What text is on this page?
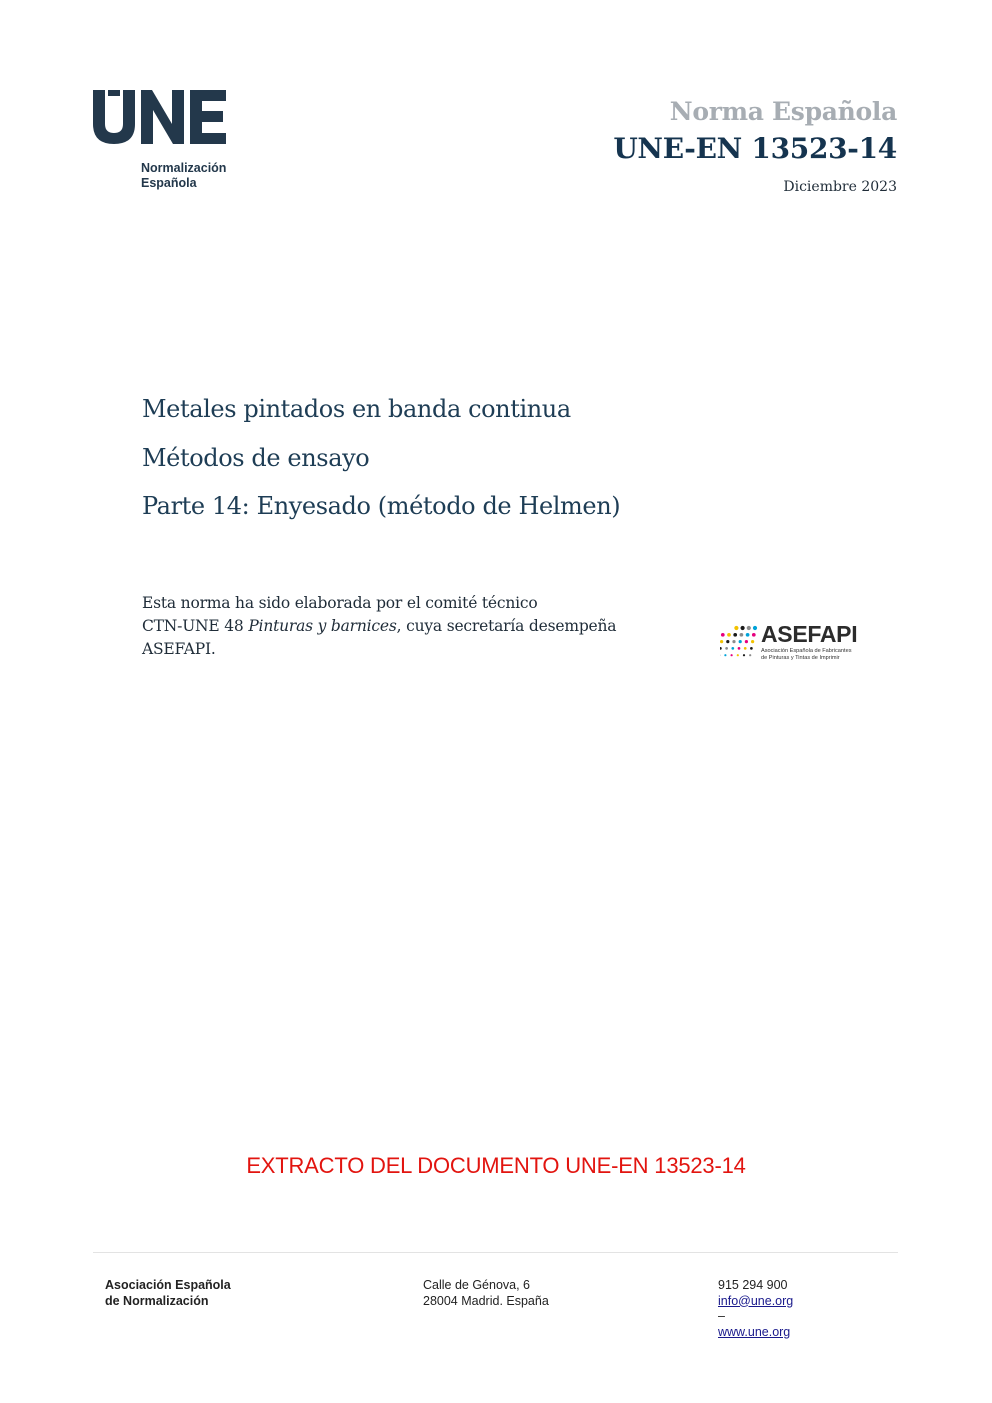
Normalización
Española
Norma Española
UNE-EN 13523-14
Diciembre 2023
Metales pintados en banda continua
Métodos de ensayo
Parte 14: Enyesado (método de Helmen)
Esta norma ha sido elaborada por el comité técnico
CTN-UNE 48 Pinturas y barnices, cuya secretaría desempeña
ASEFAPI.
ASEFAPI
Asociación Española de Fabricantes
de Pinturas y Tintas de Imprimir
EXTRACTO DEL DOCUMENTO UNE-EN 13523-14
Asociación Española
de Normalización
Calle de Génova, 6
28004 Madrid. España
915 294 900
info@une.org
–
www.une.org
